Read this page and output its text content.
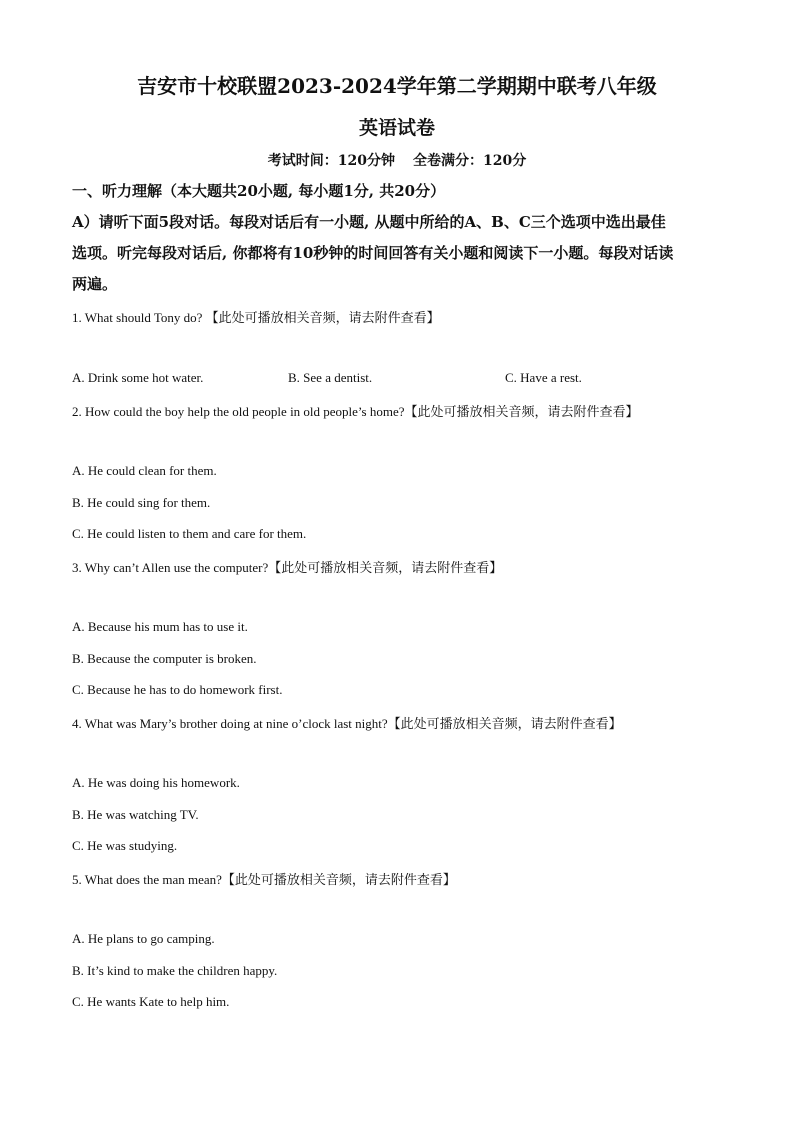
吉安市十校联盟2023-2024学年第二学期期中联考八年级
英语试卷
考试时间：120分钟 全卷满分：120分
一、听力理解（本大题共20小题, 每小题1分, 共20分）
A）请听下面5段对话。每段对话后有一小题, 从题中所给的A、B、C三个选项中选出最佳
选项。听完每段对话后, 你都将有10秒钟的时间回答有关小题和阅读下一小题。每段对话读
两遍。
1. What should Tony do? 【此处可播放相关音频，请去附件查看】
A. Drink some hot water.	B. See a dentist.	C. Have a rest.
2. How could the boy help the old people in old people’s home?【此处可播放相关音频，请去附件查看】
A. He could clean for them.
B. He could sing for them.
C. He could listen to them and care for them.
3. Why can’t Allen use the computer?【此处可播放相关音频，请去附件查看】
A. Because his mum has to use it.
B. Because the computer is broken.
C. Because he has to do homework first.
4. What was Mary’s brother doing at nine o’clock last night?【此处可播放相关音频，请去附件查看】
A. He was doing his homework.
B. He was watching TV.
C. He was studying.
5. What does the man mean?【此处可播放相关音频，请去附件查看】
A. He plans to go camping.
B. It’s kind to make the children happy.
C. He wants Kate to help him.
